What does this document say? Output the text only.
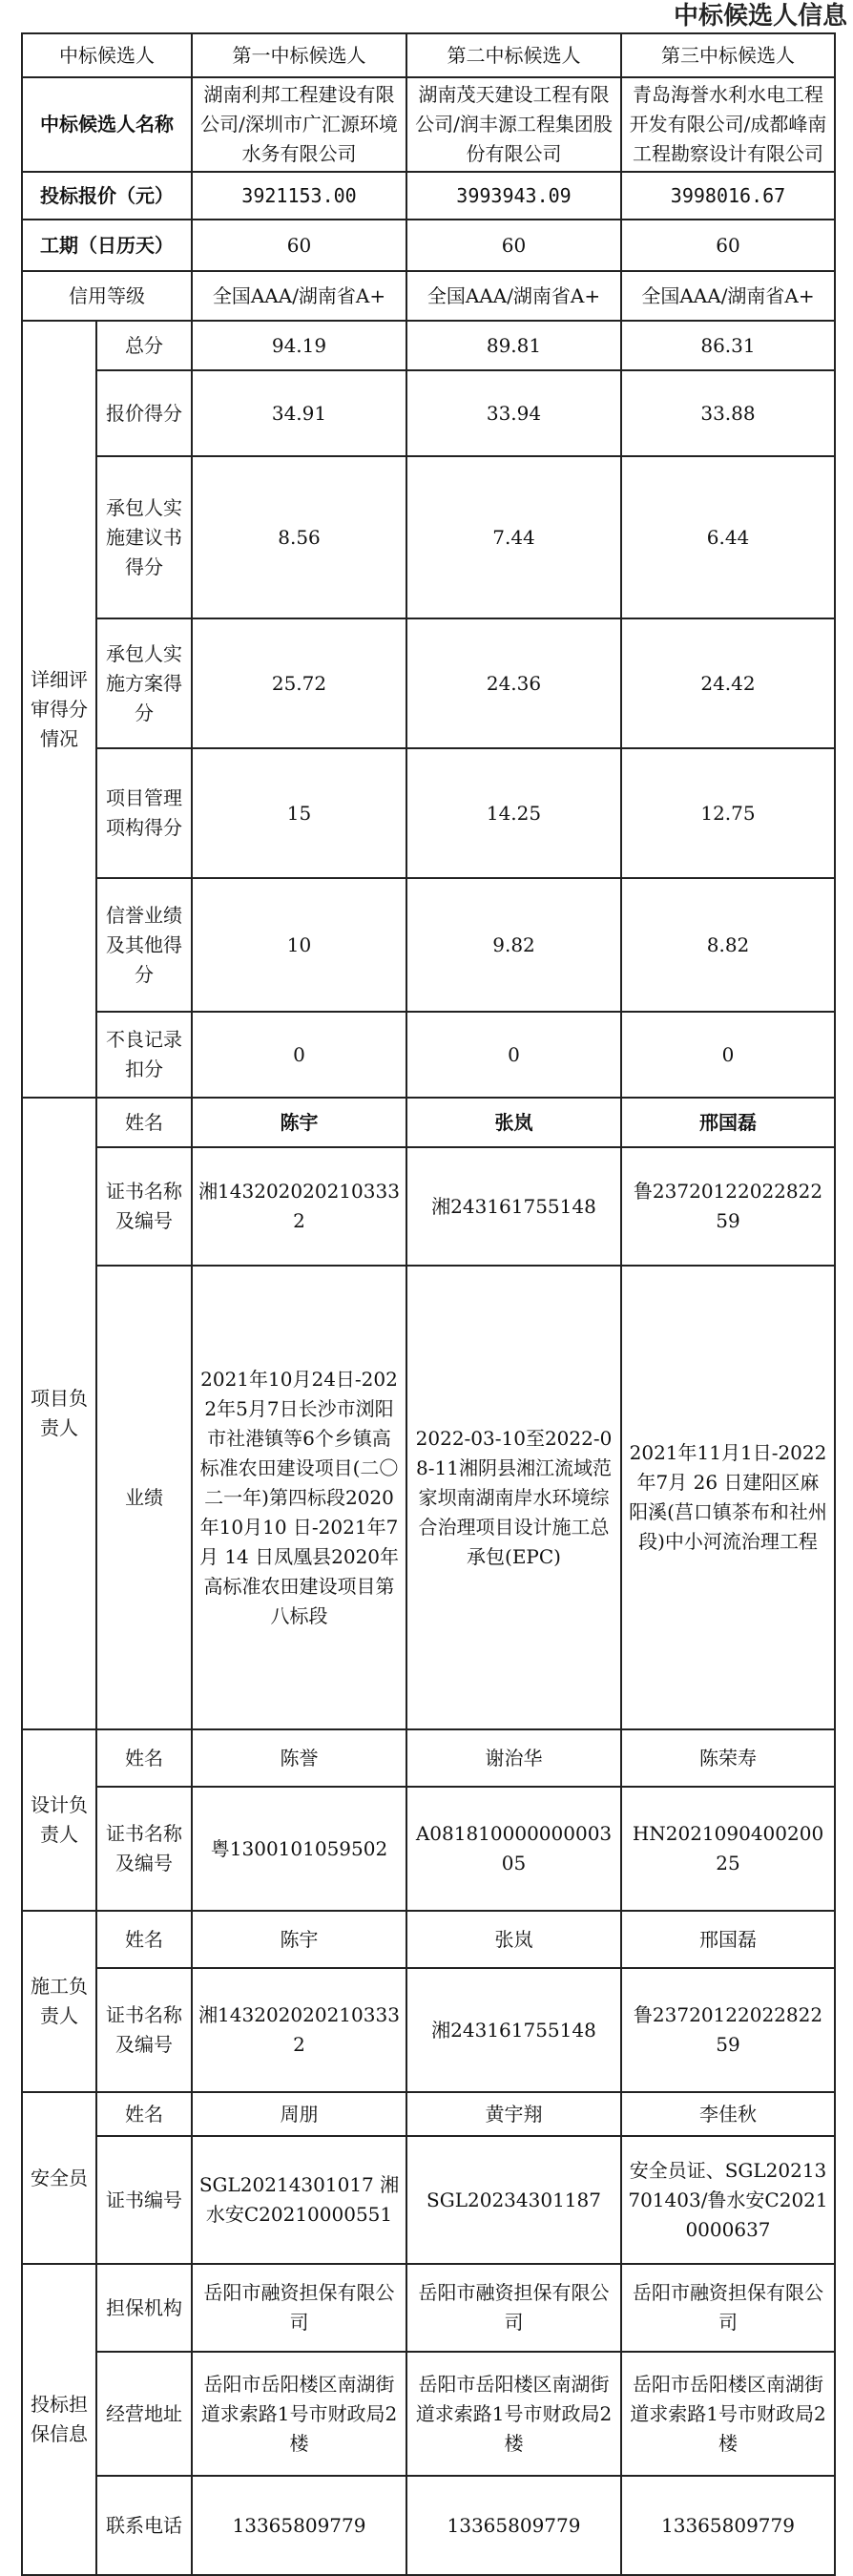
中标候选人信息
中标候选人		第一中标候选人	第二中标候选人	第三中标候选人
中标候选人名称		湖南利邦工程建设有限公司/深圳市广汇源环境水务有限公司	湖南茂天建设工程有限公司/润丰源工程集团股份有限公司	青岛海誉水利水电工程开发有限公司/成都峰南工程勘察设计有限公司
投标报价（元）		3921153.00	3993943.09	3998016.67
工期（日历天）		60	60	60
信用等级		全国AAA/湖南省A+	全国AAA/湖南省A+	全国AAA/湖南省A+
详细评审得分情况	总分	94.19	89.81	86.31
	报价得分	34.91	33.94	33.88
	承包人实施建议书得分	8.56	7.44	6.44
	承包人实施方案得分	25.72	24.36	24.42
	项目管理项构得分	15	14.25	12.75
	信誉业绩及其他得分	10	9.82	8.82
	不良记录扣分	0	0	0
项目负责人	姓名	陈宇	张岚	邢国磊
	证书名称及编号	湘1432020202103332	湘243161755148	鲁2372012202282259
	业绩	2021年10月24日-2022年5月7日长沙市浏阳市社港镇等6个乡镇高标准农田建设项目(二〇二一年)第四标段2020年10月10 日-2021年7月 14 日凤凰县2020年高标准农田建设项目第八标段	2022-03-10至2022-08-11湘阴县湘江流域范家坝南湖南岸水环境综合治理项目设计施工总承包(EPC)	2021年11月1日-2022年7月 26 日建阳区麻阳溪(莒口镇茶布和社州段)中小河流治理工程
设计负责人	姓名	陈誉	谢治华	陈荣寿
	证书名称及编号	粤1300101059502	A08181000000000305	HN202109040020025
施工负责人	姓名	陈宇	张岚	邢国磊
	证书名称及编号	湘1432020202103332	湘243161755148	鲁2372012202282259
安全员	姓名	周朋	黄宇翔	李佳秋
	证书编号	SGL20214301017 湘水安C20210000551	SGL20234301187	安全员证、SGL20213701403/鲁水安C20210000637
投标担保信息	担保机构	岳阳市融资担保有限公司	岳阳市融资担保有限公司	岳阳市融资担保有限公司
	经营地址	岳阳市岳阳楼区南湖街道求索路1号市财政局2楼	岳阳市岳阳楼区南湖街道求索路1号市财政局2楼	岳阳市岳阳楼区南湖街道求索路1号市财政局2楼
	联系电话	13365809779	13365809779	13365809779
